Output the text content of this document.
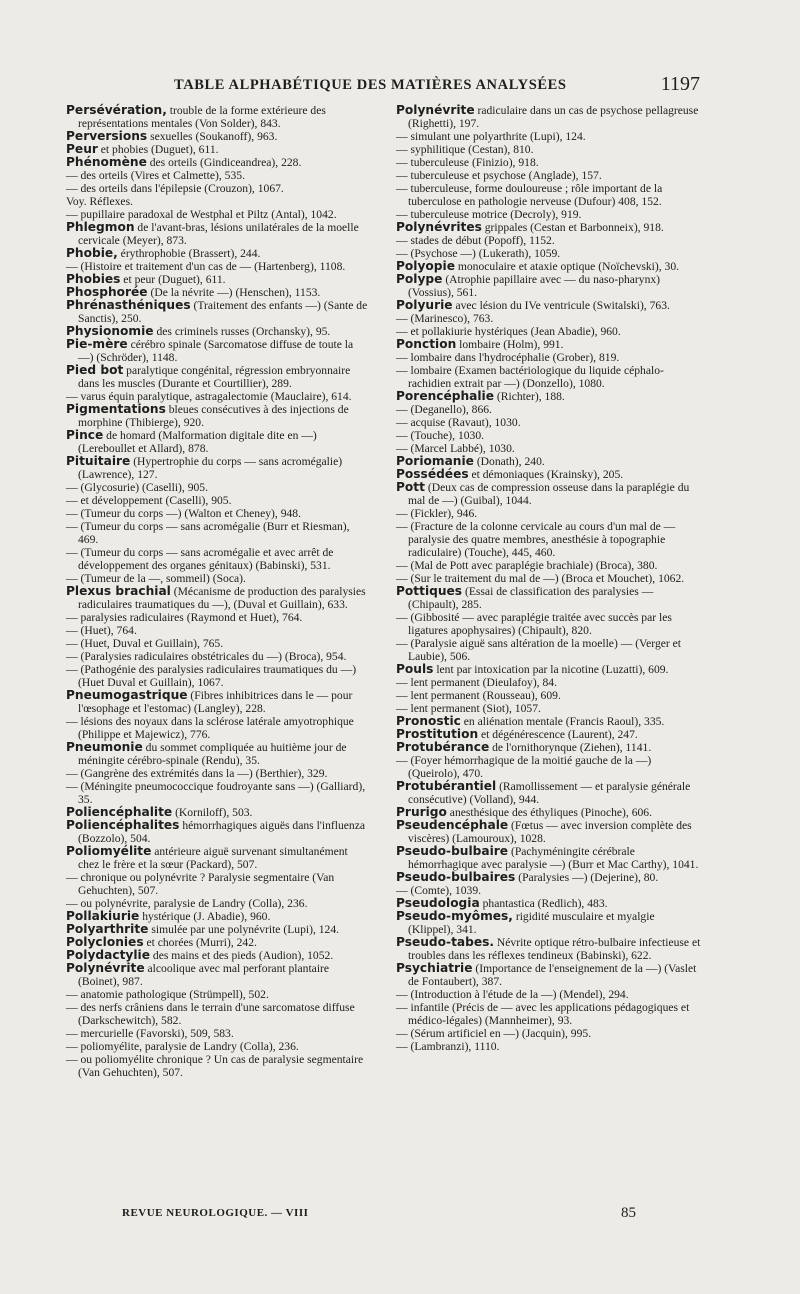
TABLE ALPHABÉTIQUE DES MATIÈRES ANALYSÉES	1197

Persévération, trouble de la forme extérieure des représentations mentales (Von Solder), 843.

Perversions sexuelles (Soukanoff), 963.

Peur et phobies (Duguet), 611.

Phénomène des orteils (Gindiceandrea), 228.

— des orteils (Vires et Calmette), 535.

— des orteils dans l'épilepsie (Crouzon), 1067.

Voy. Réflexes.

— pupillaire paradoxal de Westphal et Piltz (Antal), 1042.

Phlegmon de l'avant-bras, lésions unilatérales de la moelle cervicale (Meyer), 873.

Phobie, érythrophobie (Brassert), 244.

— (Histoire et traitement d'un cas de — (Hartenberg), 1108.

Phobies et peur (Duguet), 611.

Phosphorée (De la névrite —) (Henschen), 1153.

Phrénasthéniques (Traitement des enfants —) (Sante de Sanctis), 250.

Physionomie des criminels russes (Orchansky), 95.

Pie-mère cérébro spinale (Sarcomatose diffuse de toute la —) (Schröder), 1148.

Pied bot paralytique congénital, régression embryonnaire dans les muscles (Durante et Courtillier), 289.

— varus équin paralytique, astragalectomie (Mauclaire), 614.

Pigmentations bleues consécutives à des injections de morphine (Thibierge), 920.

Pince de homard (Malformation digitale dite en —) (Lereboullet et Allard), 878.

Pituitaire (Hypertrophie du corps — sans acromégalie) (Lawrence), 127.

— (Glycosurie) (Caselli), 905.

— et développement (Caselli), 905.

— (Tumeur du corps —) (Walton et Cheney), 948.

— (Tumeur du corps — sans acromégalie (Burr et Riesman), 469.

— (Tumeur du corps — sans acromégalie et avec arrêt de développement des organes génitaux) (Babinski), 531.

— (Tumeur de la —, sommeil) (Soca).

Plexus brachial (Mécanisme de production des paralysies radiculaires traumatiques du —), (Duval et Guillain), 633.

— paralysies radiculaires (Raymond et Huet), 764.

— (Huet), 764.

— (Huet, Duval et Guillain), 765.

— (Paralysies radiculaires obstétricales du —) (Broca), 954.

— (Pathogénie des paralysies radiculaires traumatiques du —) (Huet Duval et Guillain), 1067.

Pneumogastrique (Fibres inhibitrices dans le — pour l'œsophage et l'estomac) (Langley), 228.

— lésions des noyaux dans la sclérose latérale amyotrophique (Philippe et Majewicz), 776.

Pneumonie du sommet compliquée au huitième jour de méningite cérébro-spinale (Rendu), 35.

— (Gangrène des extrémités dans la —) (Berthier), 329.

— (Méningite pneumococcique foudroyante sans —) (Galliard), 35.

Poliencéphalite (Korniloff), 503.

Poliencéphalites hémorrhagiques aiguës dans l'influenza (Bozzolo), 504.

Poliomyélite antérieure aiguë survenant simultanément chez le frère et la sœur (Packard), 507.

— chronique ou polynévrite ? Paralysie segmentaire (Van Gehuchten), 507.

— ou polynévrite, paralysie de Landry (Colla), 236.

Pollakiurie hystérique (J. Abadie), 960.

Polyarthrite simulée par une polynévrite (Lupi), 124.

Polyclonies et chorées (Murri), 242.

Polydactylie des mains et des pieds (Audion), 1052.

Polynévrite alcoolique avec mal perforant plantaire (Boinet), 987.

— anatomie pathologique (Strümpell), 502.

— des nerfs crâniens dans le terrain d'une sarcomatose diffuse (Darkschewitch), 582.

— mercurielle (Favorski), 509, 583.

— poliomyélite, paralysie de Landry (Colla), 236.

— ou poliomyélite chronique ? Un cas de paralysie segmentaire (Van Gehuchten), 507.

Polynévrite radiculaire dans un cas de psychose pellagreuse (Righetti), 197.

— simulant une polyarthrite (Lupi), 124.

— syphilitique (Cestan), 810.

— tuberculeuse (Finizio), 918.

— tuberculeuse et psychose (Anglade), 157.

— tuberculeuse, forme douloureuse ; rôle important de la tuberculose en pathologie nerveuse (Dufour) 408, 152.

— tuberculeuse motrice (Decroly), 919.

Polynévrites grippales (Cestan et Barbonneix), 918.

— stades de début (Popoff), 1152.

— (Psychose —) (Lukerath), 1059.

Polyopie monoculaire et ataxie optique (Noïchevski), 30.

Polype (Atrophie papillaire avec — du naso-pharynx) (Vossius), 561.

Polyurie avec lésion du IVe ventricule (Switalski), 763.

— (Marinesco), 763.

— et pollakiurie hystériques (Jean Abadie), 960.

Ponction lombaire (Holm), 991.

— lombaire dans l'hydrocéphalie (Grober), 819.

— lombaire (Examen bactériologique du liquide céphalo-rachidien extrait par —) (Donzello), 1080.

Porencéphalie (Richter), 188.

— (Deganello), 866.

— acquise (Ravaut), 1030.

— (Touche), 1030.

— (Marcel Labbé), 1030.

Poriomanie (Donath), 240.

Possédées et démoniaques (Krainsky), 205.

Pott (Deux cas de compression osseuse dans la paraplégie du mal de —) (Guibal), 1044.

— (Fickler), 946.

— (Fracture de la colonne cervicale au cours d'un mal de — paralysie des quatre membres, anesthésie à topographie radiculaire) (Touche), 445, 460.

— (Mal de Pott avec paraplégie brachiale) (Broca), 380.

— (Sur le traitement du mal de —) (Broca et Mouchet), 1062.

Pottiques (Essai de classification des paralysies — (Chipault), 285.

— (Gibbosité — avec paraplégie traitée avec succès par les ligatures apophysaires) (Chipault), 820.

— (Paralysie aiguë sans altération de la moelle) — (Verger et Laubie), 506.

Pouls lent par intoxication par la nicotine (Luzatti), 609.

— lent permanent (Dieulafoy), 84.

— lent permanent (Rousseau), 609.

— lent permanent (Siot), 1057.

Pronostic en aliénation mentale (Francis Raoul), 335.

Prostitution et dégénérescence (Laurent), 247.

Protubérance de l'ornithorynque (Ziehen), 1141.

— (Foyer hémorrhagique de la moitié gauche de la —) (Queirolo), 470.

Protubérantiel (Ramollissement — et paralysie générale consécutive) (Volland), 944.

Prurigo anesthésique des éthyliques (Pinoche), 606.

Pseudencéphale (Fœtus — avec inversion complète des viscères) (Lamouroux), 1028.

Pseudo-bulbaire (Pachyméningite cérébrale hémorrhagique avec paralysie —) (Burr et Mac Carthy), 1041.

Pseudo-bulbaires (Paralysies —) (Dejerine), 80.

— (Comte), 1039.

Pseudologia phantastica (Redlich), 483.

Pseudo-myômes, rigidité musculaire et myalgie (Klippel), 341.

Pseudo-tabes. Névrite optique rétro-bulbaire infectieuse et troubles dans les réflexes tendineux (Babinski), 622.

Psychiatrie (Importance de l'enseignement de la —) (Vaslet de Fontaubert), 387.

— (Introduction à l'étude de la —) (Mendel), 294.

— infantile (Précis de — avec les applications pédagogiques et médico-légales) (Mannheimer), 93.

— (Sérum artificiel en —) (Jacquin), 995.

— (Lambranzi), 1110.

REVUE NEUROLOGIQUE. — VIII	85
